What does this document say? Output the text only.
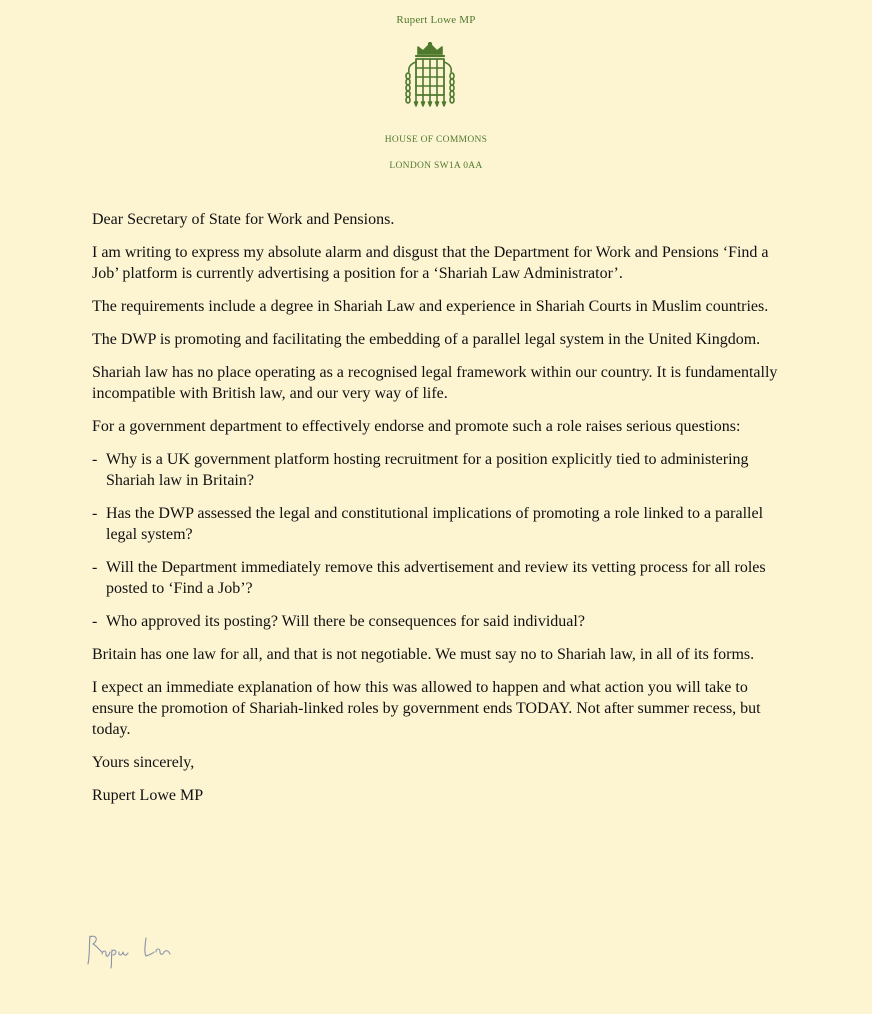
Rupert Lowe MP
HOUSE OF COMMONS
LONDON SW1A 0AA

Dear Secretary of State for Work and Pensions.

I am writing to express my absolute alarm and disgust that the Department for Work and Pensions ‘Find a Job’ platform is currently advertising a position for a ‘Shariah Law Administrator’.

The requirements include a degree in Shariah Law and experience in Shariah Courts in Muslim countries.

The DWP is promoting and facilitating the embedding of a parallel legal system in the United Kingdom.

Shariah law has no place operating as a recognised legal framework within our country. It is fundamentally incompatible with British law, and our very way of life.

For a government department to effectively endorse and promote such a role raises serious questions:

- Why is a UK government platform hosting recruitment for a position explicitly tied to administering Shariah law in Britain?
- Has the DWP assessed the legal and constitutional implications of promoting a role linked to a parallel legal system?
- Will the Department immediately remove this advertisement and review its vetting process for all roles posted to ‘Find a Job’?
- Who approved its posting? Will there be consequences for said individual?

Britain has one law for all, and that is not negotiable. We must say no to Shariah law, in all of its forms.

I expect an immediate explanation of how this was allowed to happen and what action you will take to ensure the promotion of Shariah-linked roles by government ends TODAY. Not after summer recess, but today.

Yours sincerely,

Rupert Lowe MP
